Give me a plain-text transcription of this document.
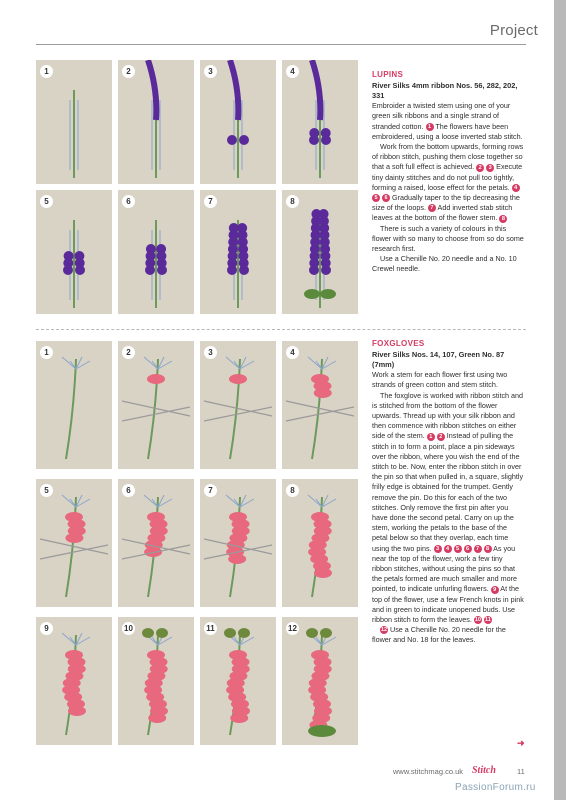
Project
1	2	3	4
5	6	7	8
LUPINS
River Silks 4mm ribbon Nos. 56, 282, 202, 331

Embroider a twisted stem using one of your green silk ribbons and a single strand of stranded cotton. 1 The flowers have been embroidered, using a loose inverted stab stitch.

Work from the bottom upwards, forming rows of ribbon stitch, pushing them close together so that a soft full effect is achieved. 2 3 Execute tiny dainty stitches and do not pull too tightly, forming a raised, loose effect for the petals. 4 5 6 Gradually taper to the tip decreasing the size of the loops. 7 Add inverted stab stitch leaves at the bottom of the flower stem. 8

There is such a variety of colours in this flower with so many to choose from so do some research first.

Use a Chenille No. 20 needle and a No. 10 Crewel needle.

1	2	3	4
5	6	7	8
9	10	11	12
FOXGLOVES
River Silks Nos. 14, 107, Green No. 87 (7mm)

Work a stem for each flower first using two strands of green cotton and stem stitch.

The foxglove is worked with ribbon stitch and is stitched from the bottom of the flower upwards. Thread up with your silk ribbon and then commence with ribbon stitches on either side of the stem. 1 2 Instead of pulling the stitch in to form a point, place a pin sideways over the ribbon, where you wish the end of the stitch to be. Now, enter the ribbon stitch in over the pin so that when pulled in, a square, slightly frilly edge is obtained for the trumpet. Gently remove the pin. Do this for each of the two stitches. Only remove the first pin after you have done the second petal. Carry on up the stem, working the petals to the base of the petal below so that they overlap, each time using the two pins. 3 4 5 6 7 8 As you near the top of the flower, work a few tiny ribbon stitches, without using the pins so that the petals formed are much smaller and more pointed, to indicate unfurling flowers. 9 At the top of the flower, use a few French knots in pink and in green to indicate unopened buds. Use ribbon stitch to form the leaves. 10 11

12 Use a Chenille No. 20 needle for the flower and No. 18 for the leaves.

➜
www.stitchmag.co.uk Stitch	11
PassionForum.ru
